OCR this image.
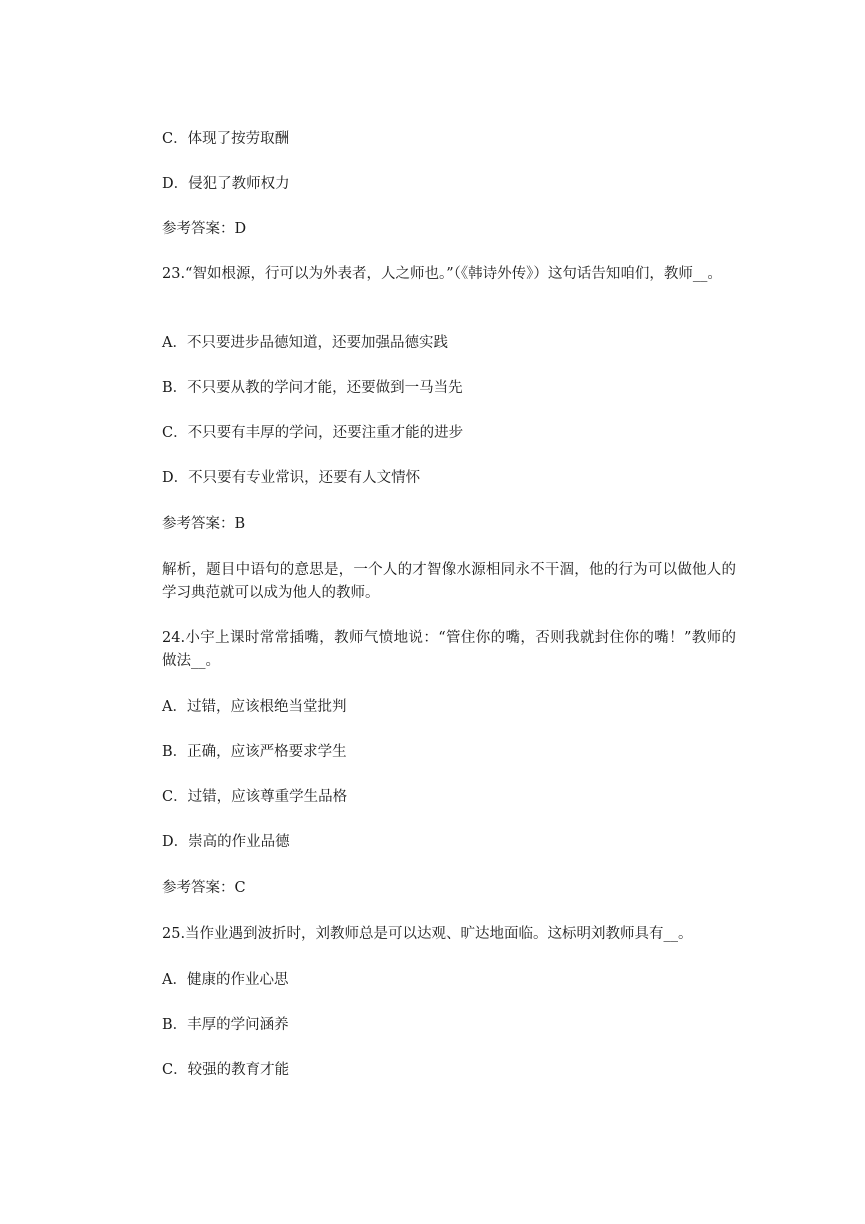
C．体现了按劳取酬
D．侵犯了教师权力
参考答案：D
23.“智如根源，行可以为外表者，人之师也。”（《韩诗外传》）这句话告知咱们，教师__。
A．不只要进步品德知道，还要加强品德实践
B．不只要从教的学问才能，还要做到一马当先
C．不只要有丰厚的学问，还要注重才能的进步
D．不只要有专业常识，还要有人文情怀
参考答案：B
解析，题目中语句的意思是，一个人的才智像水源相同永不干涸，他的行为可以做他人的学习典范就可以成为他人的教师。
24.小宇上课时常常插嘴，教师气愤地说：“管住你的嘴，否则我就封住你的嘴！”教师的做法__。
A．过错，应该根绝当堂批判
B．正确，应该严格要求学生
C．过错，应该尊重学生品格
D．崇高的作业品德
参考答案：C
25.当作业遇到波折时，刘教师总是可以达观、旷达地面临。这标明刘教师具有__。
A．健康的作业心思
B．丰厚的学问涵养
C．较强的教育才能
